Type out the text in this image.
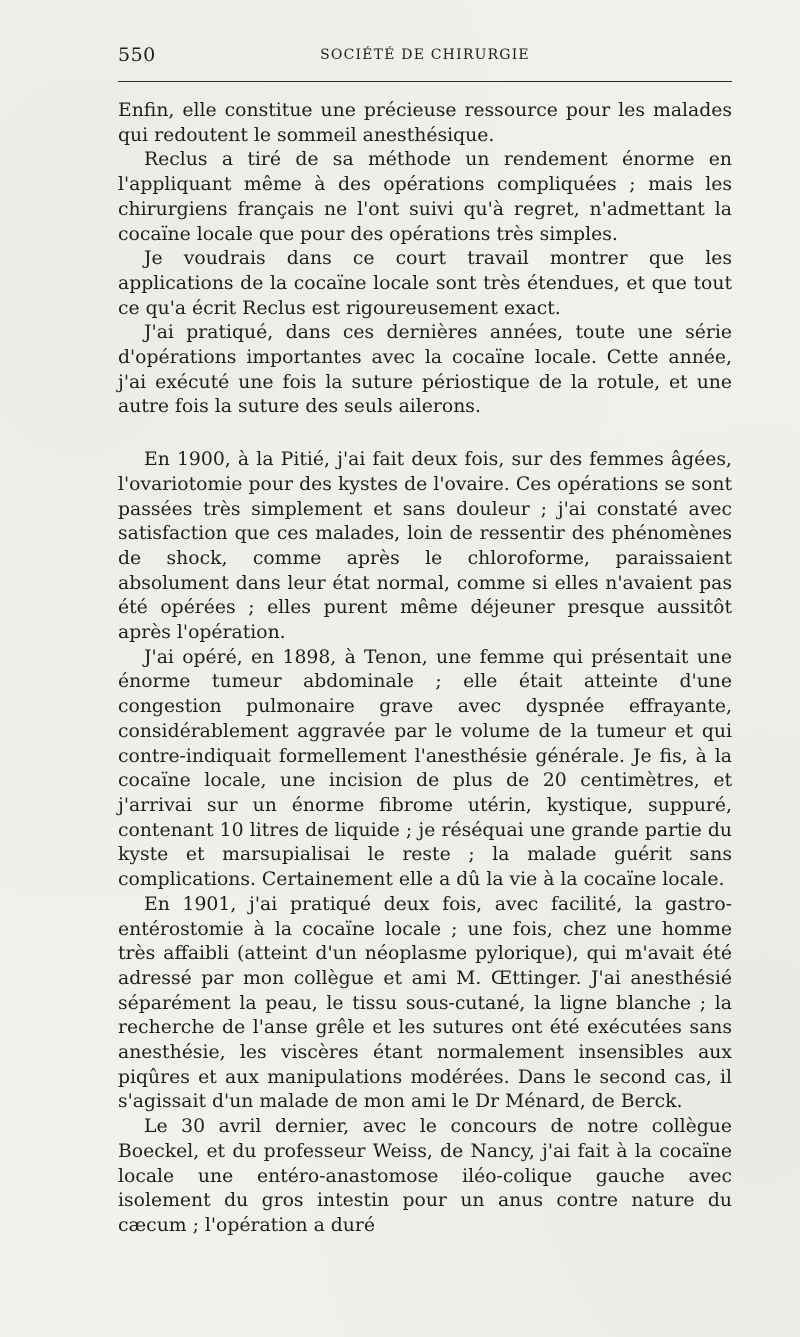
550	SOCIÉTÉ DE CHIRURGIE

Enfin, elle constitue une précieuse ressource pour les malades qui redoutent le sommeil anesthésique.

Reclus a tiré de sa méthode un rendement énorme en l'appliquant même à des opérations compliquées ; mais les chirurgiens français ne l'ont suivi qu'à regret, n'admettant la cocaïne locale que pour des opérations très simples.

Je voudrais dans ce court travail montrer que les applications de la cocaïne locale sont très étendues, et que tout ce qu'a écrit Reclus est rigoureusement exact.

J'ai pratiqué, dans ces dernières années, toute une série d'opérations importantes avec la cocaïne locale. Cette année, j'ai exécuté une fois la suture périostique de la rotule, et une autre fois la suture des seuls ailerons.

En 1900, à la Pitié, j'ai fait deux fois, sur des femmes âgées, l'ovariotomie pour des kystes de l'ovaire. Ces opérations se sont passées très simplement et sans douleur ; j'ai constaté avec satisfaction que ces malades, loin de ressentir des phénomènes de shock, comme après le chloroforme, paraissaient absolument dans leur état normal, comme si elles n'avaient pas été opérées ; elles purent même déjeuner presque aussitôt après l'opération.

J'ai opéré, en 1898, à Tenon, une femme qui présentait une énorme tumeur abdominale ; elle était atteinte d'une congestion pulmonaire grave avec dyspnée effrayante, considérablement aggravée par le volume de la tumeur et qui contre-indiquait formellement l'anesthésie générale. Je fis, à la cocaïne locale, une incision de plus de 20 centimètres, et j'arrivai sur un énorme fibrome utérin, kystique, suppuré, contenant 10 litres de liquide ; je réséquai une grande partie du kyste et marsupialisai le reste ; la malade guérit sans complications. Certainement elle a dû la vie à la cocaïne locale.

En 1901, j'ai pratiqué deux fois, avec facilité, la gastro-entérostomie à la cocaïne locale ; une fois, chez une homme très affaibli (atteint d'un néoplasme pylorique), qui m'avait été adressé par mon collègue et ami M. Œttinger. J'ai anesthésié séparément la peau, le tissu sous-cutané, la ligne blanche ; la recherche de l'anse grêle et les sutures ont été exécutées sans anesthésie, les viscères étant normalement insensibles aux piqûres et aux manipulations modérées. Dans le second cas, il s'agissait d'un malade de mon ami le Dr Ménard, de Berck.

Le 30 avril dernier, avec le concours de notre collègue Boeckel, et du professeur Weiss, de Nancy, j'ai fait à la cocaïne locale une entéro-anastomose iléo-colique gauche avec isolement du gros intestin pour un anus contre nature du cæcum ; l'opération a duré
